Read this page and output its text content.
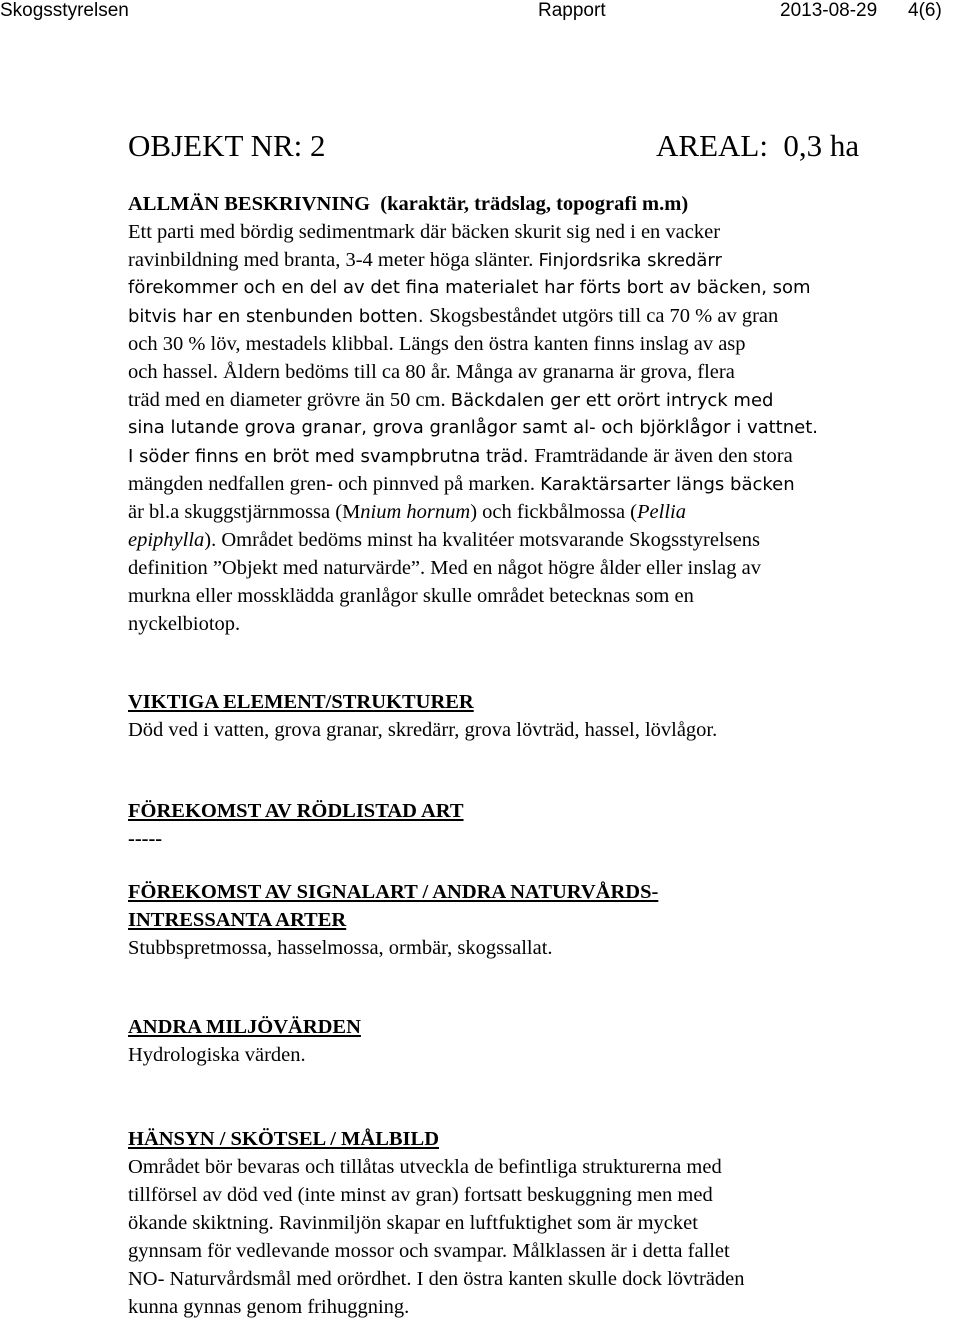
Skogsstyrelsen	Rapport	2013-08-29 4(6)
OBJEKT NR: 2	AREAL:  0,3 ha
ALLMÄN BESKRIVNING  (karaktär, trädslag, topografi m.m)
Ett parti med bördig sedimentmark där bäcken skurit sig ned i en vacker
ravinbildning med branta, 3-4 meter höga slänter. Finjordsrika skredärr
förekommer och en del av det fina materialet har förts bort av bäcken, som
bitvis har en stenbunden botten. Skogsbeståndet utgörs till ca 70 % av gran
och 30 % löv, mestadels klibbal. Längs den östra kanten finns inslag av asp
och hassel. Åldern bedöms till ca 80 år. Många av granarna är grova, flera
träd med en diameter grövre än 50 cm. Bäckdalen ger ett orört intryck med
sina lutande grova granar, grova granlågor samt al- och björklågor i vattnet.
I söder finns en bröt med svampbrutna träd. Framträdande är även den stora
mängden nedfallen gren- och pinnved på marken. Karaktärsarter längs bäcken
är bl.a skuggstjärnmossa (Mnium hornum) och fickbålmossa (Pellia
epiphylla). Området bedöms minst ha kvalitéer motsvarande Skogsstyrelsens
definition ”Objekt med naturvärde”. Med en något högre ålder eller inslag av
murkna eller mossklädda granlågor skulle området betecknas som en
nyckelbiotop.
VIKTIGA ELEMENT/STRUKTURER
Död ved i vatten, grova granar, skredärr, grova lövträd, hassel, lövlågor.
FÖREKOMST AV RÖDLISTAD ART
-----
FÖREKOMST AV SIGNALART / ANDRA NATURVÅRDS-
INTRESSANTA ARTER
Stubbspretmossa, hasselmossa, ormbär, skogssallat.
ANDRA MILJÖVÄRDEN
Hydrologiska värden.
HÄNSYN / SKÖTSEL / MÅLBILD
Området bör bevaras och tillåtas utveckla de befintliga strukturerna med
tillförsel av död ved (inte minst av gran) fortsatt beskuggning men med
ökande skiktning. Ravinmiljön skapar en luftfuktighet som är mycket
gynnsam för vedlevande mossor och svampar. Målklassen är i detta fallet
NO- Naturvårdsmål med orördhet. I den östra kanten skulle dock lövträden
kunna gynnas genom frihuggning.
